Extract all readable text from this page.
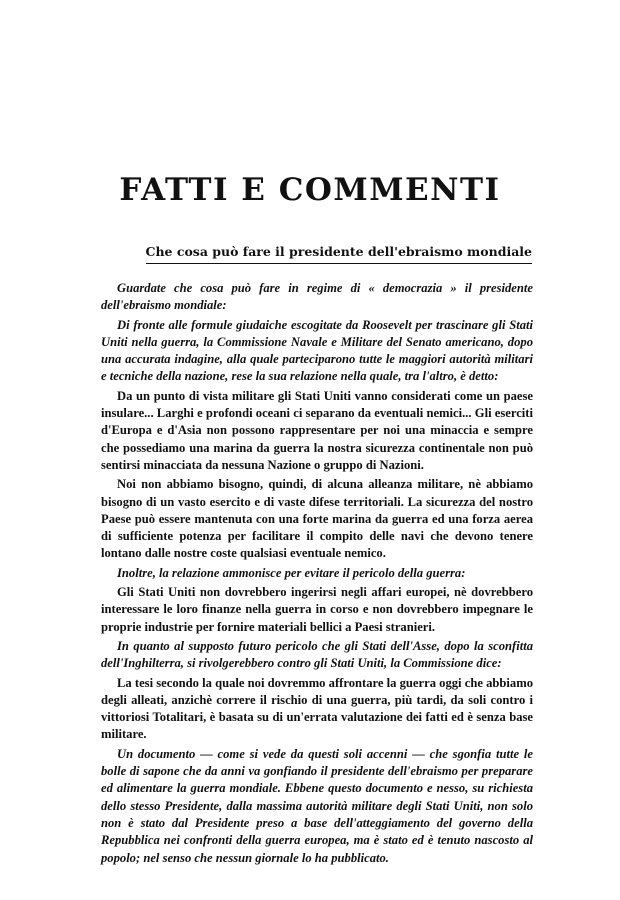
FATTI E COMMENTI
Che cosa può fare il presidente dell'ebraismo mondiale

Guardate che cosa può fare in regime di « democrazia » il presidente dell'ebraismo mondiale:

Di fronte alle formule giudaiche escogitate da Roosevelt per trascinare gli Stati Uniti nella guerra, la Commissione Navale e Militare del Senato americano, dopo una accurata indagine, alla quale parteciparono tutte le maggiori autorità militari e tecniche della nazione, rese la sua relazione nella quale, tra l'altro, è detto:

Da un punto di vista militare gli Stati Uniti vanno considerati come un paese insulare... Larghi e profondi oceani ci separano da eventuali nemici... Gli eserciti d'Europa e d'Asia non possono rappresentare per noi una minaccia e sempre che possediamo una marina da guerra la nostra sicurezza continentale non può sentirsi minacciata da nessuna Nazione o gruppo di Nazioni.

Noi non abbiamo bisogno, quindi, di alcuna alleanza militare, nè abbiamo bisogno di un vasto esercito e di vaste difese territoriali. La sicurezza del nostro Paese può essere mantenuta con una forte marina da guerra ed una forza aerea di sufficiente potenza per facilitare il compito delle navi che devono tenere lontano dalle nostre coste qualsiasi eventuale nemico.

Inoltre, la relazione ammonisce per evitare il pericolo della guerra:

Gli Stati Uniti non dovrebbero ingerirsi negli affari europei, nè dovrebbero interessare le loro finanze nella guerra in corso e non dovrebbero impegnare le proprie industrie per fornire materiali bellici a Paesi stranieri.

In quanto al supposto futuro pericolo che gli Stati dell'Asse, dopo la sconfitta dell'Inghilterra, si rivolgerebbero contro gli Stati Uniti, la Commissione dice:

La tesi secondo la quale noi dovremmo affrontare la guerra oggi che abbiamo degli alleati, anzichè correre il rischio di una guerra, più tardi, da soli contro i vittoriosi Totalitari, è basata su di un'errata valutazione dei fatti ed è senza base militare.

Un documento — come si vede da questi soli accenni — che sgonfia tutte le bolle di sapone che da anni va gonfiando il presidente dell'ebraismo per preparare ed alimentare la guerra mondiale. Ebbene questo documento e nesso, su richiesta dello stesso Presidente, dalla massima autorità militare degli Stati Uniti, non solo non è stato dal Presidente preso a base dell'atteggiamento del governo della Repubblica nei confronti della guerra europea, ma è stato ed è tenuto nascosto al popolo; nel senso che nessun giornale lo ha pubblicato.
